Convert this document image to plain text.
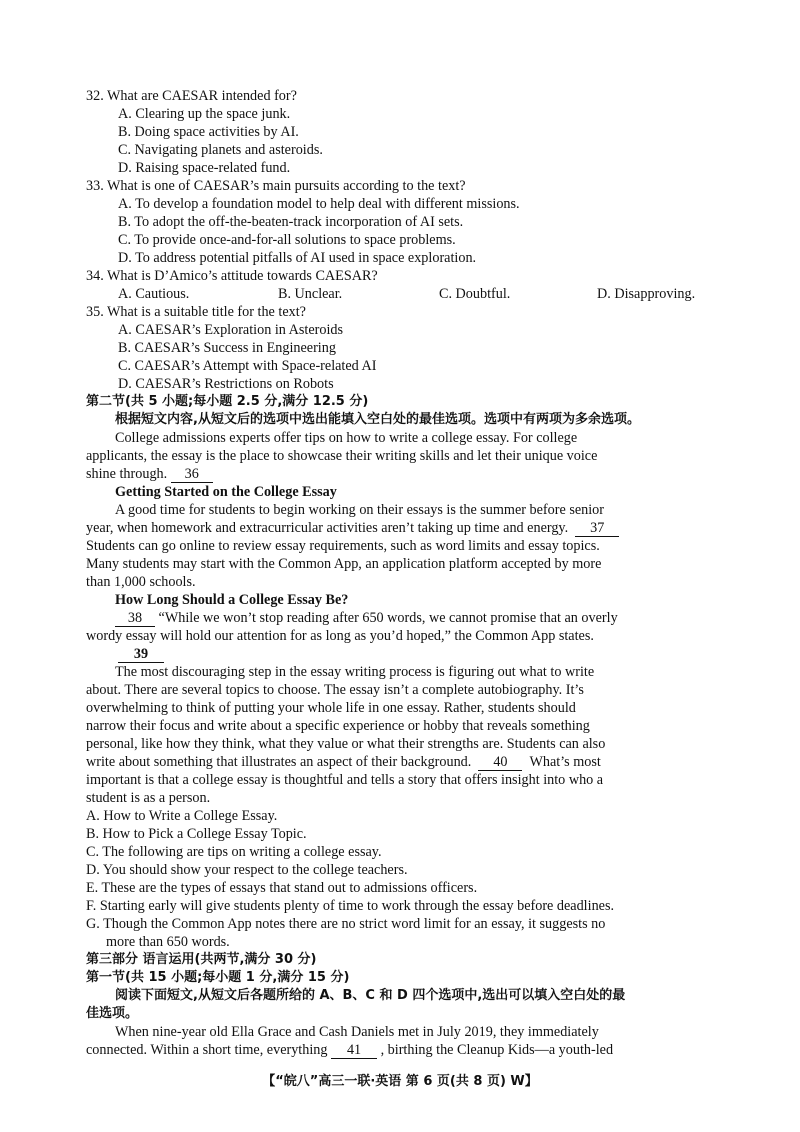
32. What are CAESAR intended for?
A. Clearing up the space junk.
B. Doing space activities by AI.
C. Navigating planets and asteroids.
D. Raising space-related fund.
33. What is one of CAESAR’s main pursuits according to the text?
A. To develop a foundation model to help deal with different missions.
B. To adopt the off-the-beaten-track incorporation of AI sets.
C. To provide once-and-for-all solutions to space problems.
D. To address potential pitfalls of AI used in space exploration.
34. What is D’Amico’s attitude towards CAESAR?
A. Cautious.	B. Unclear.	C. Doubtful.	D. Disapproving.
35. What is a suitable title for the text?
A. CAESAR’s Exploration in Asteroids
B. CAESAR’s Success in Engineering
C. CAESAR’s Attempt with Space-related AI
D. CAESAR’s Restrictions on Robots
第二节(共 5 小题;每小题 2.5 分,满分 12.5 分)
根据短文内容,从短文后的选项中选出能填入空白处的最佳选项。选项中有两项为多余选项。
College admissions experts offer tips on how to write a college essay. For college
applicants, the essay is the place to showcase their writing skills and let their unique voice
shine through. 36
Getting Started on the College Essay
A good time for students to begin working on their essays is the summer before senior
year, when homework and extracurricular activities aren’t taking up time and energy. 37
Students can go online to review essay requirements, such as word limits and essay topics.
Many students may start with the Common App, an application platform accepted by more
than 1,000 schools.
How Long Should a College Essay Be?
38 “While we won’t stop reading after 650 words, we cannot promise that an overly
wordy essay will hold our attention for as long as you’d hoped,” the Common App states.
39
The most discouraging step in the essay writing process is figuring out what to write
about. There are several topics to choose. The essay isn’t a complete autobiography. It’s
overwhelming to think of putting your whole life in one essay. Rather, students should
narrow their focus and write about a specific experience or hobby that reveals something
personal, like how they think, what they value or what their strengths are. Students can also
write about something that illustrates an aspect of their background. 40 What’s most
important is that a college essay is thoughtful and tells a story that offers insight into who a
student is as a person.
A. How to Write a College Essay.
B. How to Pick a College Essay Topic.
C. The following are tips on writing a college essay.
D. You should show your respect to the college teachers.
E. These are the types of essays that stand out to admissions officers.
F. Starting early will give students plenty of time to work through the essay before deadlines.
G. Though the Common App notes there are no strict word limit for an essay, it suggests no
more than 650 words.
第三部分 语言运用(共两节,满分 30 分)
第一节(共 15 小题;每小题 1 分,满分 15 分)
阅读下面短文,从短文后各题所给的 A、B、C 和 D 四个选项中,选出可以填入空白处的最
佳选项。
When nine-year old Ella Grace and Cash Daniels met in July 2019, they immediately
connected. Within a short time, everything 41 , birthing the Cleanup Kids—a youth-led
【“皖八”高三一联·英语 第 6 页(共 8 页) W】
